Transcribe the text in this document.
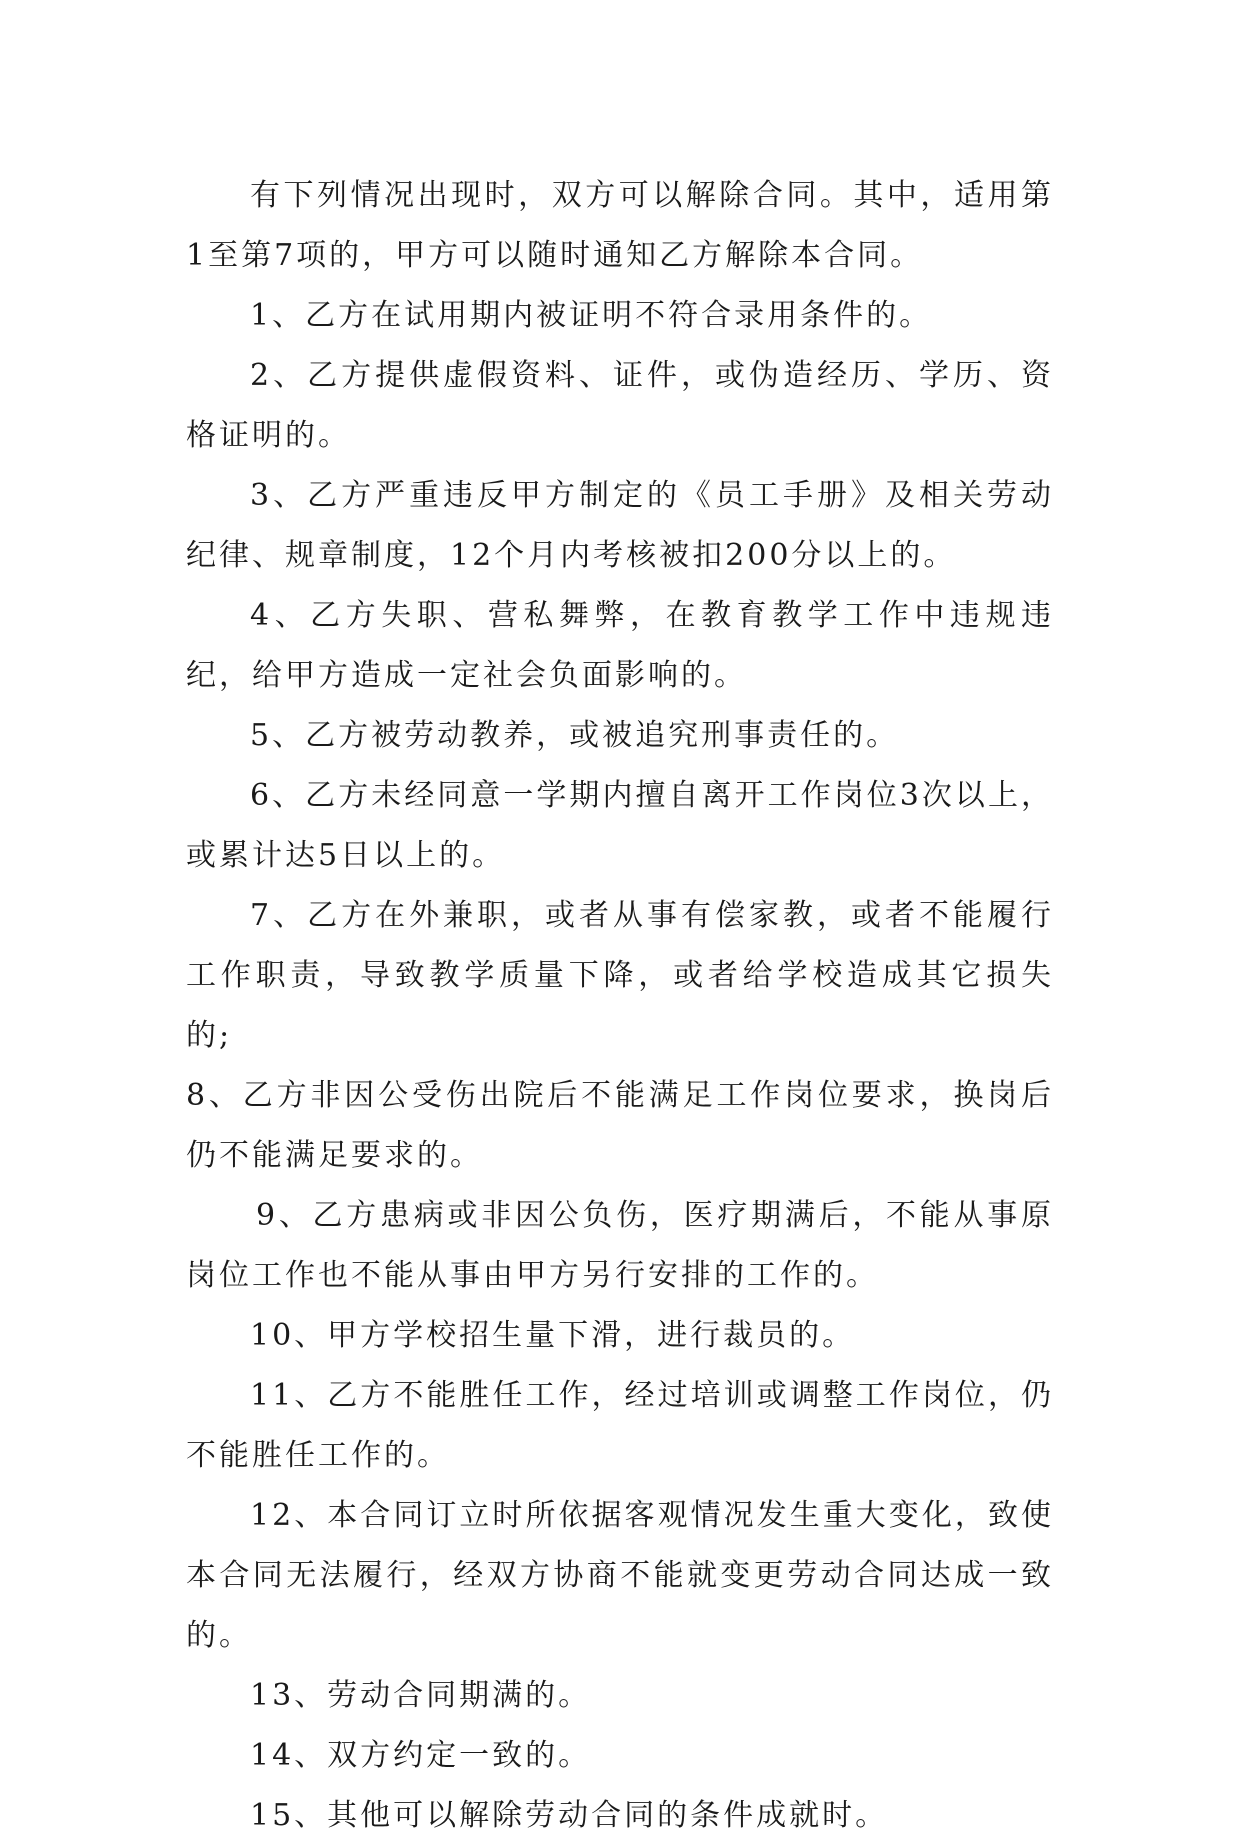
有下列情况出现时，双方可以解除合同。其中，适用第1至第7项的，甲方可以随时通知乙方解除本合同。

1、乙方在试用期内被证明不符合录用条件的。

2、乙方提供虚假资料、证件，或伪造经历、学历、资格证明的。

3、乙方严重违反甲方制定的《员工手册》及相关劳动纪律、规章制度，12个月内考核被扣200分以上的。

4、乙方失职、营私舞弊，在教育教学工作中违规违纪，给甲方造成一定社会负面影响的。

5、乙方被劳动教养，或被追究刑事责任的。

6、乙方未经同意一学期内擅自离开工作岗位3次以上，或累计达5日以上的。

7、乙方在外兼职，或者从事有偿家教，或者不能履行工作职责，导致教学质量下降，或者给学校造成其它损失的;

8、乙方非因公受伤出院后不能满足工作岗位要求，换岗后仍不能满足要求的。

9、乙方患病或非因公负伤，医疗期满后，不能从事原岗位工作也不能从事由甲方另行安排的工作的。

10、甲方学校招生量下滑，进行裁员的。

11、乙方不能胜任工作，经过培训或调整工作岗位，仍不能胜任工作的。

12、本合同订立时所依据客观情况发生重大变化，致使本合同无法履行，经双方协商不能就变更劳动合同达成一致的。

13、劳动合同期满的。

14、双方约定一致的。

15、其他可以解除劳动合同的条件成就时。
